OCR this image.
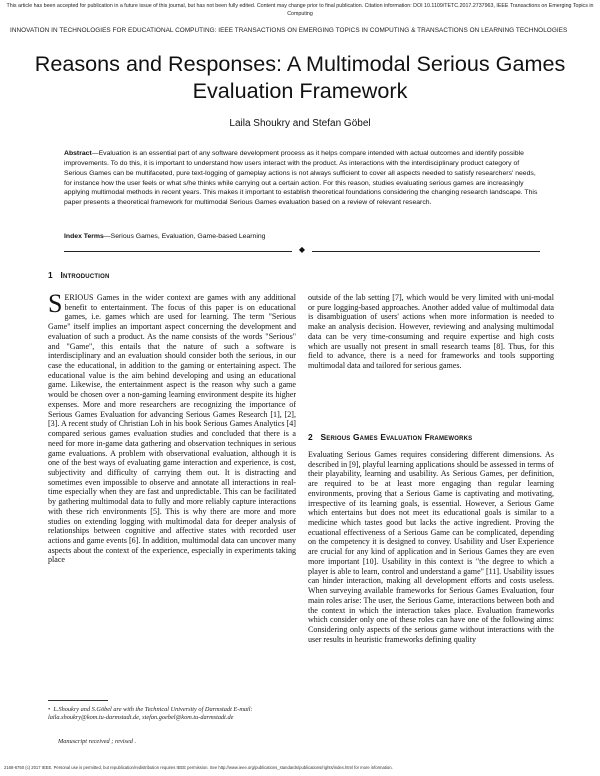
This article has been accepted for publication in a future issue of this journal, but has not been fully edited. Content may change prior to final publication. Citation information: DOI 10.1109/TETC.2017.2737963, IEEE Transactions on Emerging Topics in Computing
INNOVATION IN TECHNOLOGIES FOR EDUCATIONAL COMPUTING: IEEE TRANSACTIONS ON EMERGING TOPICS IN COMPUTING & TRANSACTIONS ON LEARNING TECHNOLOGIES
Reasons and Responses: A Multimodal Serious Games Evaluation Framework
Laila Shoukry and Stefan Göbel
Abstract—Evaluation is an essential part of any software development process as it helps compare intended with actual outcomes and identify possible improvements. To do this, it is important to understand how users interact with the product. As interactions with the interdisciplinary product category of Serious Games can be multifaceted, pure text-logging of gameplay actions is not always sufficient to cover all aspects needed to satisfy researchers' needs, for instance how the user feels or what s/he thinks while carrying out a certain action. For this reason, studies evaluating serious games are increasingly applying multimodal methods in recent years. This makes it important to establish theoretical foundations considering the changing research landscape. This paper presents a theoretical framework for multimodal Serious Games evaluation based on a review of relevant research.
Index Terms—Serious Games, Evaluation, Game-based Learning
◆
1 Introduction
SERIOUS Games in the wider context are games with any additional benefit to entertainment. The focus of this paper is on educational games, i.e. games which are used for learning. The term "Serious Game" itself implies an important aspect concerning the development and evaluation of such a product. As the name consists of the words "Serious" and "Game", this entails that the nature of such a software is interdisciplinary and an evaluation should consider both the serious, in our case the educational, in addition to the gaming or entertaining aspect. The educational value is the aim behind developing and using an educational game. Likewise, the entertainment aspect is the reason why such a game would be chosen over a non-gaming learning environment despite its higher expenses. More and more researchers are recognizing the importance of Serious Games Evaluation for advancing Serious Games Research [1], [2], [3]. A recent study of Christian Loh in his book Serious Games Analytics [4] compared serious games evaluation studies and concluded that there is a need for more in-game data gathering and observation techniques in serious game evaluations. A problem with observational evaluation, although it is one of the best ways of evaluating game interaction and experience, is cost, subjectivity and difficulty of carrying them out. It is distracting and sometimes even impossible to observe and annotate all interactions in real-time especially when they are fast and unpredictable. This can be facilitated by gathering multimodal data to fully and more reliably capture interactions with these rich environments [5]. This is why there are more and more studies on extending logging with multimodal data for deeper analysis of relationships between cognitive and affective states with recorded user actions and game events [6]. In addition, multimodal data can uncover many aspects about the context of the experience, especially in experiments taking place
outside of the lab setting [7], which would be very limited with uni-modal or pure logging-based approaches. Another added value of multimodal data is disambiguation of users' actions when more information is needed to make an analysis decision. However, reviewing and analysing multimodal data can be very time-consuming and require expertise and high costs which are usually not present in small research teams [8]. Thus, for this field to advance, there is a need for frameworks and tools supporting multimodal data and tailored for serious games.
2 Serious Games Evaluation Frameworks
Evaluating Serious Games requires considering different dimensions. As described in [9], playful learning applications should be assessed in terms of their playability, learning and usability. As Serious Games, per definition, are required to be at least more engaging than regular learning environments, proving that a Serious Game is captivating and motivating, irrespective of its learning goals, is essential. However, a Serious Game which entertains but does not meet its educational goals is similar to a medicine which tastes good but lacks the active ingredient. Proving the ecuational effectiveness of a Serious Game can be complicated, depending on the competency it is designed to convey. Usability and User Experience are crucial for any kind of application and in Serious Games they are even more important [10]. Usability in this context is "the degree to which a player is able to learn, control and understand a game" [11]. Usability issues can hinder interaction, making all development efforts and costs useless. When surveying available frameworks for Serious Games Evaluation, four main roles arise: The user, the Serious Game, interactions between both and the context in which the interaction takes place. Evaluation frameworks which consider only one of these roles can have one of the following aims: Considering only aspects of the serious game without interactions with the user results in heuristic frameworks defining quality
• L.Shoukry and S.Göbel are with the Technical University of Darmstadt E-mail: laila.shoukry@kom.tu-darmstadt.de, stefan.goebel@kom.tu-darmstadt.de
Manuscript received ; revised .
2168-6750 (c) 2017 IEEE. Personal use is permitted, but republication/redistribution requires IEEE permission. See http://www.ieee.org/publications_standards/publications/rights/index.html for more information.
